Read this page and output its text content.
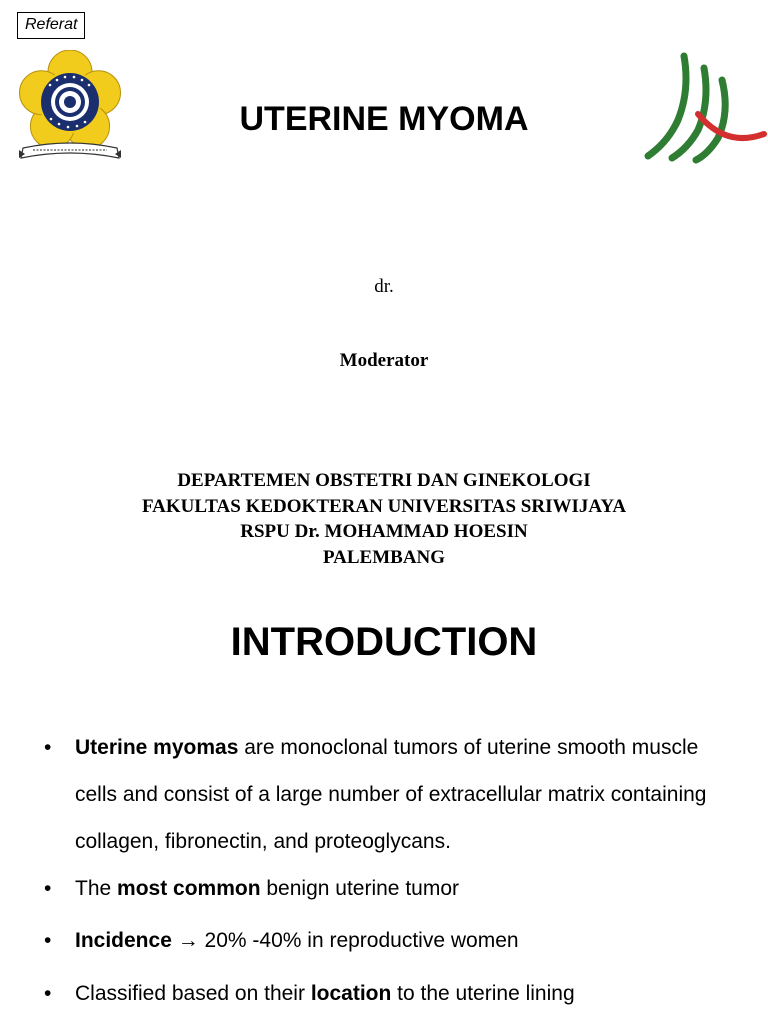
Referat
UTERINE MYOMA
dr.
Moderator
DEPARTEMEN OBSTETRI DAN GINEKOLOGI
FAKULTAS KEDOKTERAN UNIVERSITAS SRIWIJAYA
RSPU Dr. MOHAMMAD HOESIN
PALEMBANG
INTRODUCTION
• Uterine myomas are monoclonal tumors of uterine smooth muscle cells and consist of a large number of extracellular matrix containing collagen, fibronectin, and proteoglycans.
• The most common benign uterine tumor
• Incidence → 20% -40% in reproductive women
• Classified based on their location to the uterine lining
